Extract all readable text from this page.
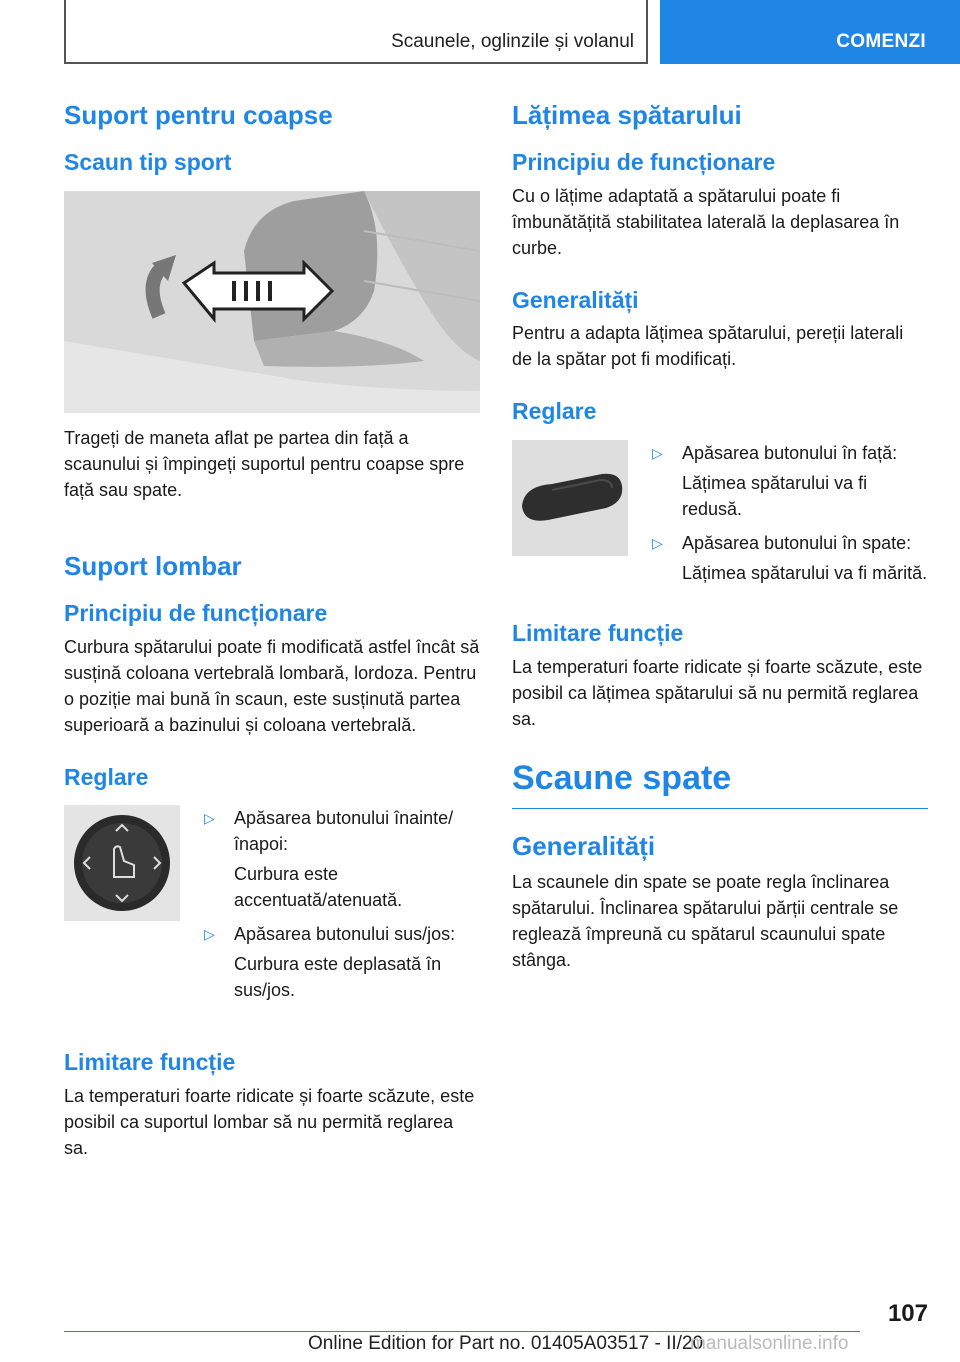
Scaunele, oglinzile și volanul	COMENZI
Suport pentru coapse
Scaun tip sport

Trageți de maneta aflat pe partea din față a scaunului și împingeți suportul pentru coapse spre față sau spate.

Suport lombar
Principiu de funcționare

Curbura spătarului poate fi modificată astfel încât să susțină coloana vertebrală lombară, lordoza. Pentru o poziție mai bună în scaun, este susținută partea superioară a bazinului și coloana vertebrală.

Reglare
▷	Apăsarea butonului înainte/înapoi:
Curbura este accentuată/atenuată.
▷	Apăsarea butonului sus/jos:
Curbura este deplasată în sus/jos.
Limitare funcție

La temperaturi foarte ridicate și foarte scăzute, este posibil ca suportul lombar să nu permită reglarea sa.

Lățimea spătarului
Principiu de funcționare

Cu o lățime adaptată a spătarului poate fi îmbunătățită stabilitatea laterală la deplasarea în curbe.

Generalități

Pentru a adapta lățimea spătarului, pereții laterali de la spătar pot fi modificați.

Reglare
▷	Apăsarea butonului în față:
Lățimea spătarului va fi redusă.
▷	Apăsarea butonului în spate:
Lățimea spătarului va fi mărită.
Limitare funcție

La temperaturi foarte ridicate și foarte scăzute, este posibil ca lățimea spătarului să nu permită reglarea sa.

Scaune spate
Generalități

La scaunele din spate se poate regla înclinarea spătarului. Înclinarea spătarului părții centrale se reglează împreună cu spătarul scaunului spate stânga.

107
Online Edition for Part no. 01405A03517 - II/20
manualsonline.info
